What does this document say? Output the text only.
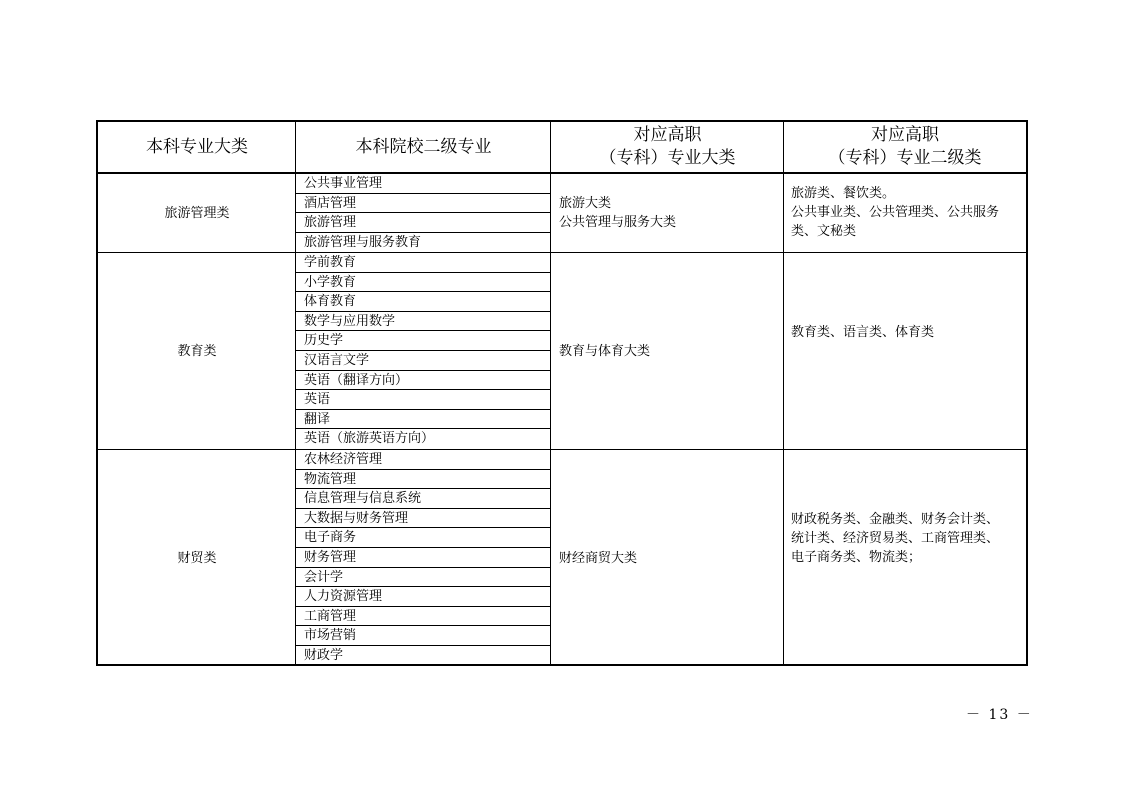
本科专业大类	本科院校二级专业
对应高职
（专科）专业大类
对应高职
（专科）专业二级类
旅游管理类
公共事业管理
酒店管理
旅游管理
旅游管理与服务教育
旅游大类
公共管理与服务大类
旅游类、餐饮类。
公共事业类、公共管理类、公共服务
类、文秘类
教育类
学前教育
小学教育
体育教育
数学与应用数学
历史学
汉语言文学
英语（翻译方向）
英语
翻译
英语（旅游英语方向）
教育与体育大类
教育类、语言类、体育类
财贸类
农林经济管理
物流管理
信息管理与信息系统
大数据与财务管理
电子商务
财务管理
会计学
人力资源管理
工商管理
市场营销
财政学
财经商贸大类
财政税务类、金融类、财务会计类、
统计类、经济贸易类、工商管理类、
电子商务类、物流类；
－ 13 －
